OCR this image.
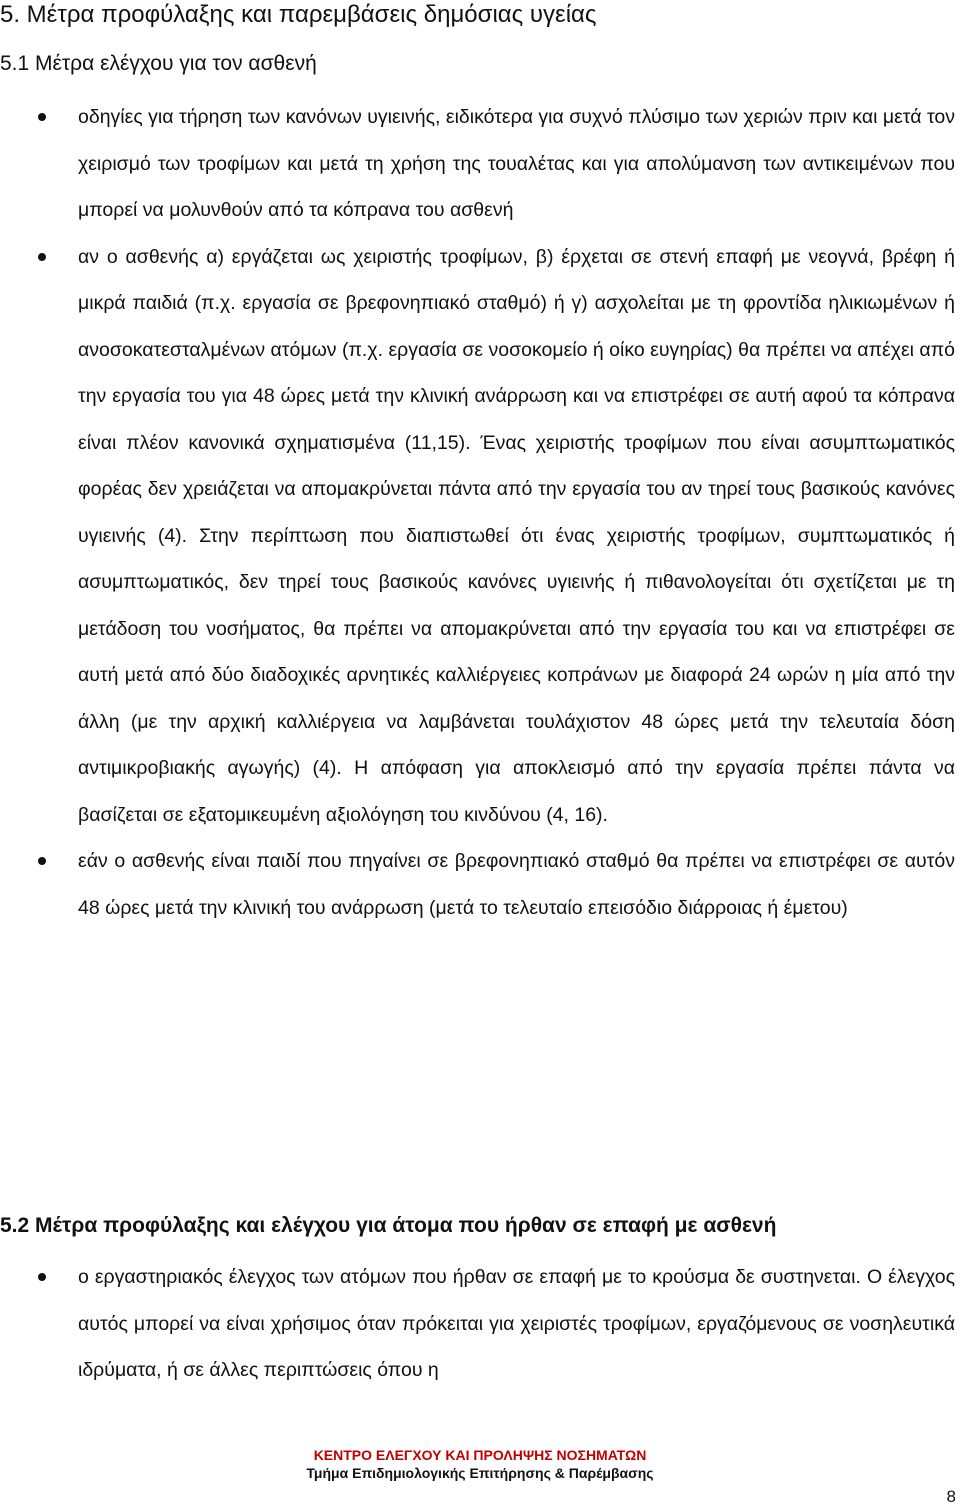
5. Μέτρα προφύλαξης και παρεμβάσεις δημόσιας υγείας
5.1 Μέτρα ελέγχου για τον ασθενή
οδηγίες για τήρηση των κανόνων υγιεινής, ειδικότερα για συχνό πλύσιμο των χεριών πριν και μετά τον χειρισμό των τροφίμων και μετά τη χρήση της τουαλέτας και για απολύμανση των αντικειμένων που μπορεί να μολυνθούν από τα κόπρανα του ασθενή
αν ο ασθενής α) εργάζεται ως χειριστής τροφίμων, β) έρχεται σε στενή επαφή με νεογνά, βρέφη ή μικρά παιδιά (π.χ. εργασία σε βρεφονηπιακό σταθμό) ή γ) ασχολείται με τη φροντίδα ηλικιωμένων ή ανοσοκατεσταλμένων ατόμων (π.χ. εργασία σε νοσοκομείο ή οίκο ευγηρίας) θα πρέπει να απέχει από την εργασία του για 48 ώρες μετά την κλινική ανάρρωση και να επιστρέφει σε αυτή αφού τα κόπρανα είναι πλέον κανονικά σχηματισμένα (11,15). Ένας χειριστής τροφίμων που είναι ασυμπτωματικός φορέας δεν χρειάζεται να απομακρύνεται πάντα από την εργασία του αν τηρεί τους βασικούς κανόνες υγιεινής (4). Στην περίπτωση που διαπιστωθεί ότι ένας χειριστής τροφίμων, συμπτωματικός ή ασυμπτωματικός, δεν τηρεί τους βασικούς κανόνες υγιεινής ή πιθανολογείται ότι σχετίζεται με τη μετάδοση του νοσήματος, θα πρέπει να απομακρύνεται από την εργασία του και να επιστρέφει σε αυτή μετά από δύο διαδοχικές αρνητικές καλλιέργειες κοπράνων με διαφορά 24 ωρών η μία από την άλλη (με την αρχική καλλιέργεια να λαμβάνεται τουλάχιστον 48 ώρες μετά την τελευταία δόση αντιμικροβιακής αγωγής) (4). Η απόφαση για αποκλεισμό από την εργασία πρέπει πάντα να βασίζεται σε εξατομικευμένη αξιολόγηση του κινδύνου (4, 16).
εάν ο ασθενής είναι παιδί που πηγαίνει σε βρεφονηπιακό σταθμό θα πρέπει να επιστρέφει σε αυτόν 48 ώρες μετά την κλινική του ανάρρωση (μετά το τελευταίο επεισόδιο διάρροιας ή έμετου)
5.2 Μέτρα προφύλαξης και ελέγχου για άτομα που ήρθαν σε επαφή με ασθενή
ο εργαστηριακός έλεγχος των ατόμων που ήρθαν σε επαφή με το κρούσμα δε συστηνεται. Ο έλεγχος αυτός μπορεί να είναι χρήσιμος όταν πρόκειται για χειριστές τροφίμων, εργαζόμενους σε νοσηλευτικά ιδρύματα, ή σε άλλες περιπτώσεις όπου η
ΚΕΝΤΡΟ ΕΛΕΓΧΟΥ ΚΑΙ ΠΡΟΛΗΨΗΣ ΝΟΣΗΜΑΤΩΝ
Τμήμα Επιδημιολογικής Επιτήρησης & Παρέμβασης
8
